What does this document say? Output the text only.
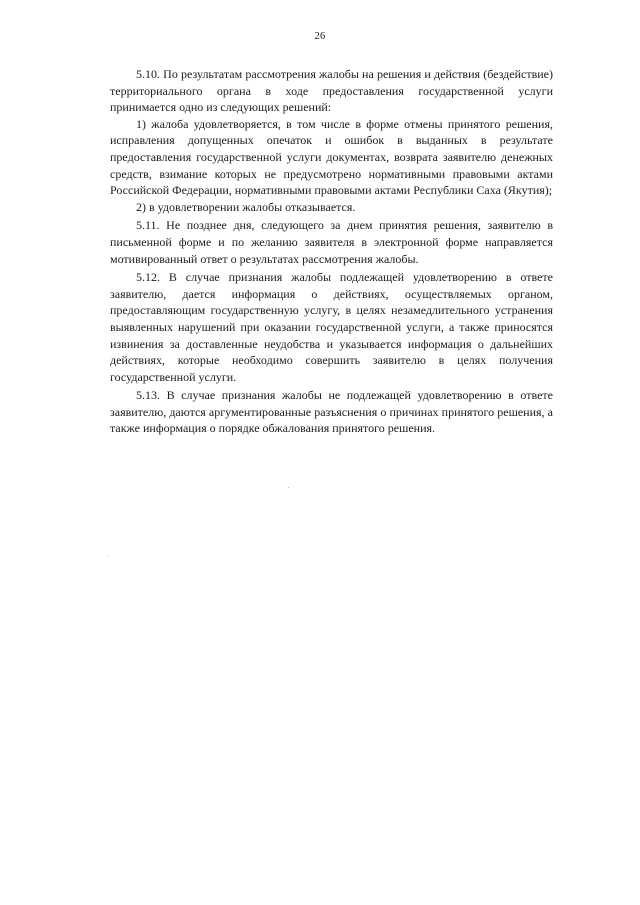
26

5.10. По результатам рассмотрения жалобы на решения и действия (бездействие) территориального органа в ходе предоставления государственной услуги принимается одно из следующих решений:

1) жалоба удовлетворяется, в том числе в форме отмены принятого решения, исправления допущенных опечаток и ошибок в выданных в результате предоставления государственной услуги документах, возврата заявителю денежных средств, взимание которых не предусмотрено нормативными правовыми актами Российской Федерации, нормативными правовыми актами Республики Саха (Якутия);

2) в удовлетворении жалобы отказывается.

5.11. Не позднее дня, следующего за днем принятия решения, заявителю в письменной форме и по желанию заявителя в электронной форме направляется мотивированный ответ о результатах рассмотрения жалобы.

5.12. В случае признания жалобы подлежащей удовлетворению в ответе заявителю, дается информация о действиях, осуществляемых органом, предоставляющим государственную услугу, в целях незамедлительного устранения выявленных нарушений при оказании государственной услуги, а также приносятся извинения за доставленные неудобства и указывается информация о дальнейших действиях, которые необходимо совершить заявителю в целях получения государственной услуги.

5.13. В случае признания жалобы не подлежащей удовлетворению в ответе заявителю, даются аргументированные разъяснения о причинах принятого решения, а также информация о порядке обжалования принятого решения.
